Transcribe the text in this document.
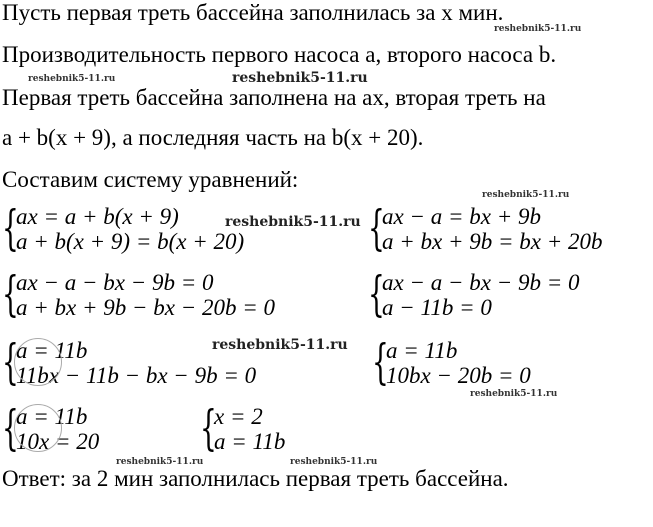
Пусть первая треть бассейна заполнилась за x мин.
Производительность первого насоса a, второго насоса b.
Первая треть бассейна заполнена на ax, вторая треть на
a + b(x + 9), а последняя часть на b(x + 20).
Составим систему уравнений:
{
ax = a + b(x + 9)
a + b(x + 9) = b(x + 20)	{
ax − a = bx + 9b
a + bx + 9b = bx + 20b
{
ax − a − bx − 9b = 0
a + bx + 9b − bx − 20b = 0 {
ax − a − bx − 9b = 0
a − 11b = 0
{
a = 11b
11bx − 11b − bx − 9b = 0 {
a = 11b
10bx − 20b = 0
{
a = 11b
10x = 20 {
x = 2
a = 11b
Ответ: за 2 мин заполнилась первая треть бассейна.
reshebnik5-11.ru
reshebnik5-11.ru	reshebnik5-11.ru
reshebnik5-11.ru
reshebnik5-11.ru
reshebnik5-11.ru
reshebnik5-11.ru
reshebnik5-11.ru	reshebnik5-11.ru
